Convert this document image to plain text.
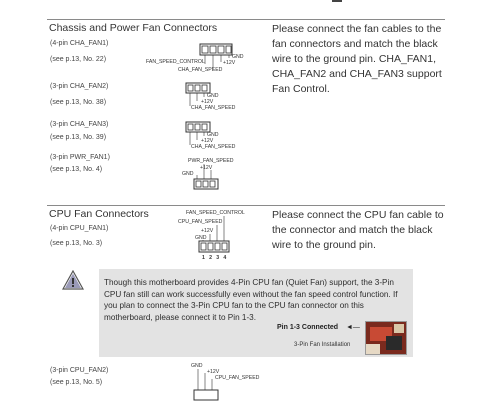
Chassis and Power Fan Connectors
(4-pin CHA_FAN1)
(see p.13, No. 22)
(3-pin CHA_FAN2)
(see p.13, No. 38)
(3-pin CHA_FAN3)
(see p.13, No. 39)
(3-pin PWR_FAN1)
(see p.13, No. 4)
Please connect the fan cables to the fan connectors and match the black wire to the ground pin. CHA_FAN1, CHA_FAN2 and CHA_FAN3 support Fan Control.
GND
+12V
FAN_SPEED_CONTROL
CHA_FAN_SPEED
GND
+12V
CHA_FAN_SPEED
GND
+12V
CHA_FAN_SPEED
PWR_FAN_SPEED
+12V
GND
CPU Fan Connectors
(4-pin CPU_FAN1)
(see p.13, No. 3)
Please connect the CPU fan cable to the connector and match the black wire to the ground pin.
FAN_SPEED_CONTROL
CPU_FAN_SPEED
+12V
GND
1 2 3 4
Though this motherboard provides 4-Pin CPU fan (Quiet Fan) support, the 3-Pin CPU fan still can work successfully even without the fan speed control function. If you plan to connect the 3-Pin CPU fan to the CPU fan connector on this motherboard, please connect it to Pin 1-3.
Pin 1-3 Connected ◄—
3-Pin Fan Installation
(3-pin CPU_FAN2)
(see p.13, No. 5)
GND
+12V
CPU_FAN_SPEED
